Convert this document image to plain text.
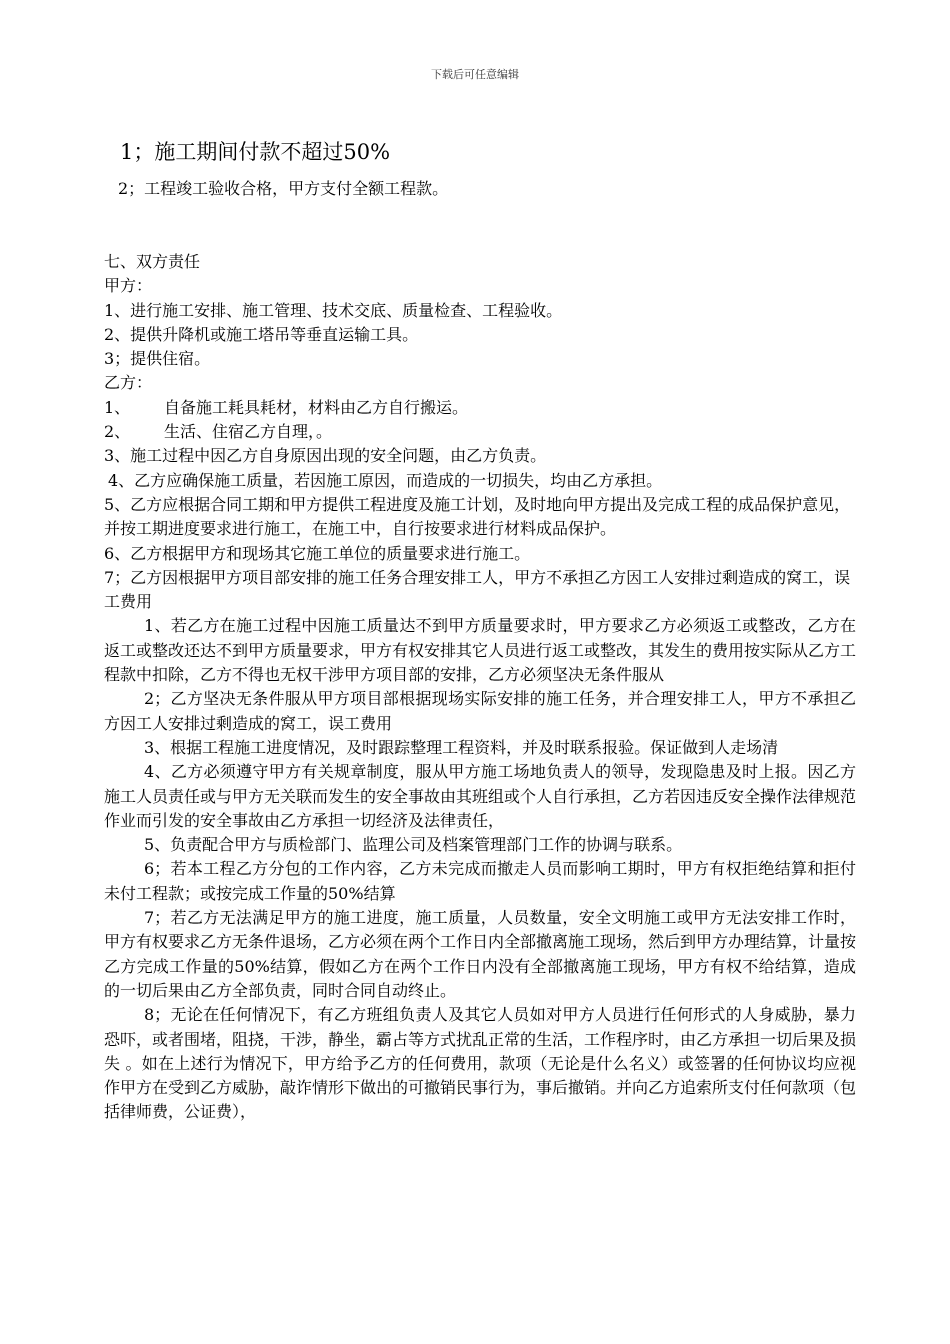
下载后可任意编辑
1；施工期间付款不超过50%
2；工程竣工验收合格，甲方支付全额工程款。

七、双方责任

甲方：

1、进行施工安排、施工管理、技术交底、质量检查、工程验收。

2、提供升降机或施工塔吊等垂直运输工具。

3；提供住宿。

乙方：

1、 自备施工耗具耗材，材料由乙方自行搬运。

2、 生活、住宿乙方自理，。

3、施工过程中因乙方自身原因出现的安全问题，由乙方负责。

4、乙方应确保施工质量，若因施工原因，而造成的一切损失，均由乙方承担。

5、乙方应根据合同工期和甲方提供工程进度及施工计划，及时地向甲方提出及完成工程的成品保护意见，并按工期进度要求进行施工，在施工中，自行按要求进行材料成品保护。

6、乙方根据甲方和现场其它施工单位的质量要求进行施工。

7；乙方因根据甲方项目部安排的施工任务合理安排工人，甲方不承担乙方因工人安排过剩造成的窝工，误工费用

1、若乙方在施工过程中因施工质量达不到甲方质量要求时，甲方要求乙方必须返工或整改，乙方在返工或整改还达不到甲方质量要求，甲方有权安排其它人员进行返工或整改，其发生的费用按实际从乙方工程款中扣除，乙方不得也无权干涉甲方项目部的安排，乙方必须坚决无条件服从

2；乙方坚决无条件服从甲方项目部根据现场实际安排的施工任务，并合理安排工人，甲方不承担乙方因工人安排过剩造成的窝工，误工费用

3、根据工程施工进度情况，及时跟踪整理工程资料，并及时联系报验。保证做到人走场清

4、乙方必须遵守甲方有关规章制度，服从甲方施工场地负责人的领导，发现隐患及时上报。因乙方施工人员责任或与甲方无关联而发生的安全事故由其班组或个人自行承担，乙方若因违反安全操作法律规范作业而引发的安全事故由乙方承担一切经济及法律责任，

5、负责配合甲方与质检部门、监理公司及档案管理部门工作的协调与联系。

6；若本工程乙方分包的工作内容，乙方未完成而撤走人员而影响工期时，甲方有权拒绝结算和拒付未付工程款；或按完成工作量的50%结算

7；若乙方无法满足甲方的施工进度，施工质量，人员数量，安全文明施工或甲方无法安排工作时，甲方有权要求乙方无条件退场，乙方必须在两个工作日内全部撤离施工现场，然后到甲方办理结算，计量按乙方完成工作量的50%结算，假如乙方在两个工作日内没有全部撤离施工现场，甲方有权不给结算，造成的一切后果由乙方全部负责，同时合同自动终止。

8；无论在任何情况下，有乙方班组负责人及其它人员如对甲方人员进行任何形式的人身威胁，暴力恐吓，或者围堵，阻挠，干涉，静坐，霸占等方式扰乱正常的生活，工作程序时，由乙方承担一切后果及损失 。如在上述行为情况下，甲方给予乙方的任何费用，款项（无论是什么名义）或签署的任何协议均应视作甲方在受到乙方威胁，敲诈情形下做出的可撤销民事行为，事后撤销。并向乙方追索所支付任何款项（包括律师费，公证费），
